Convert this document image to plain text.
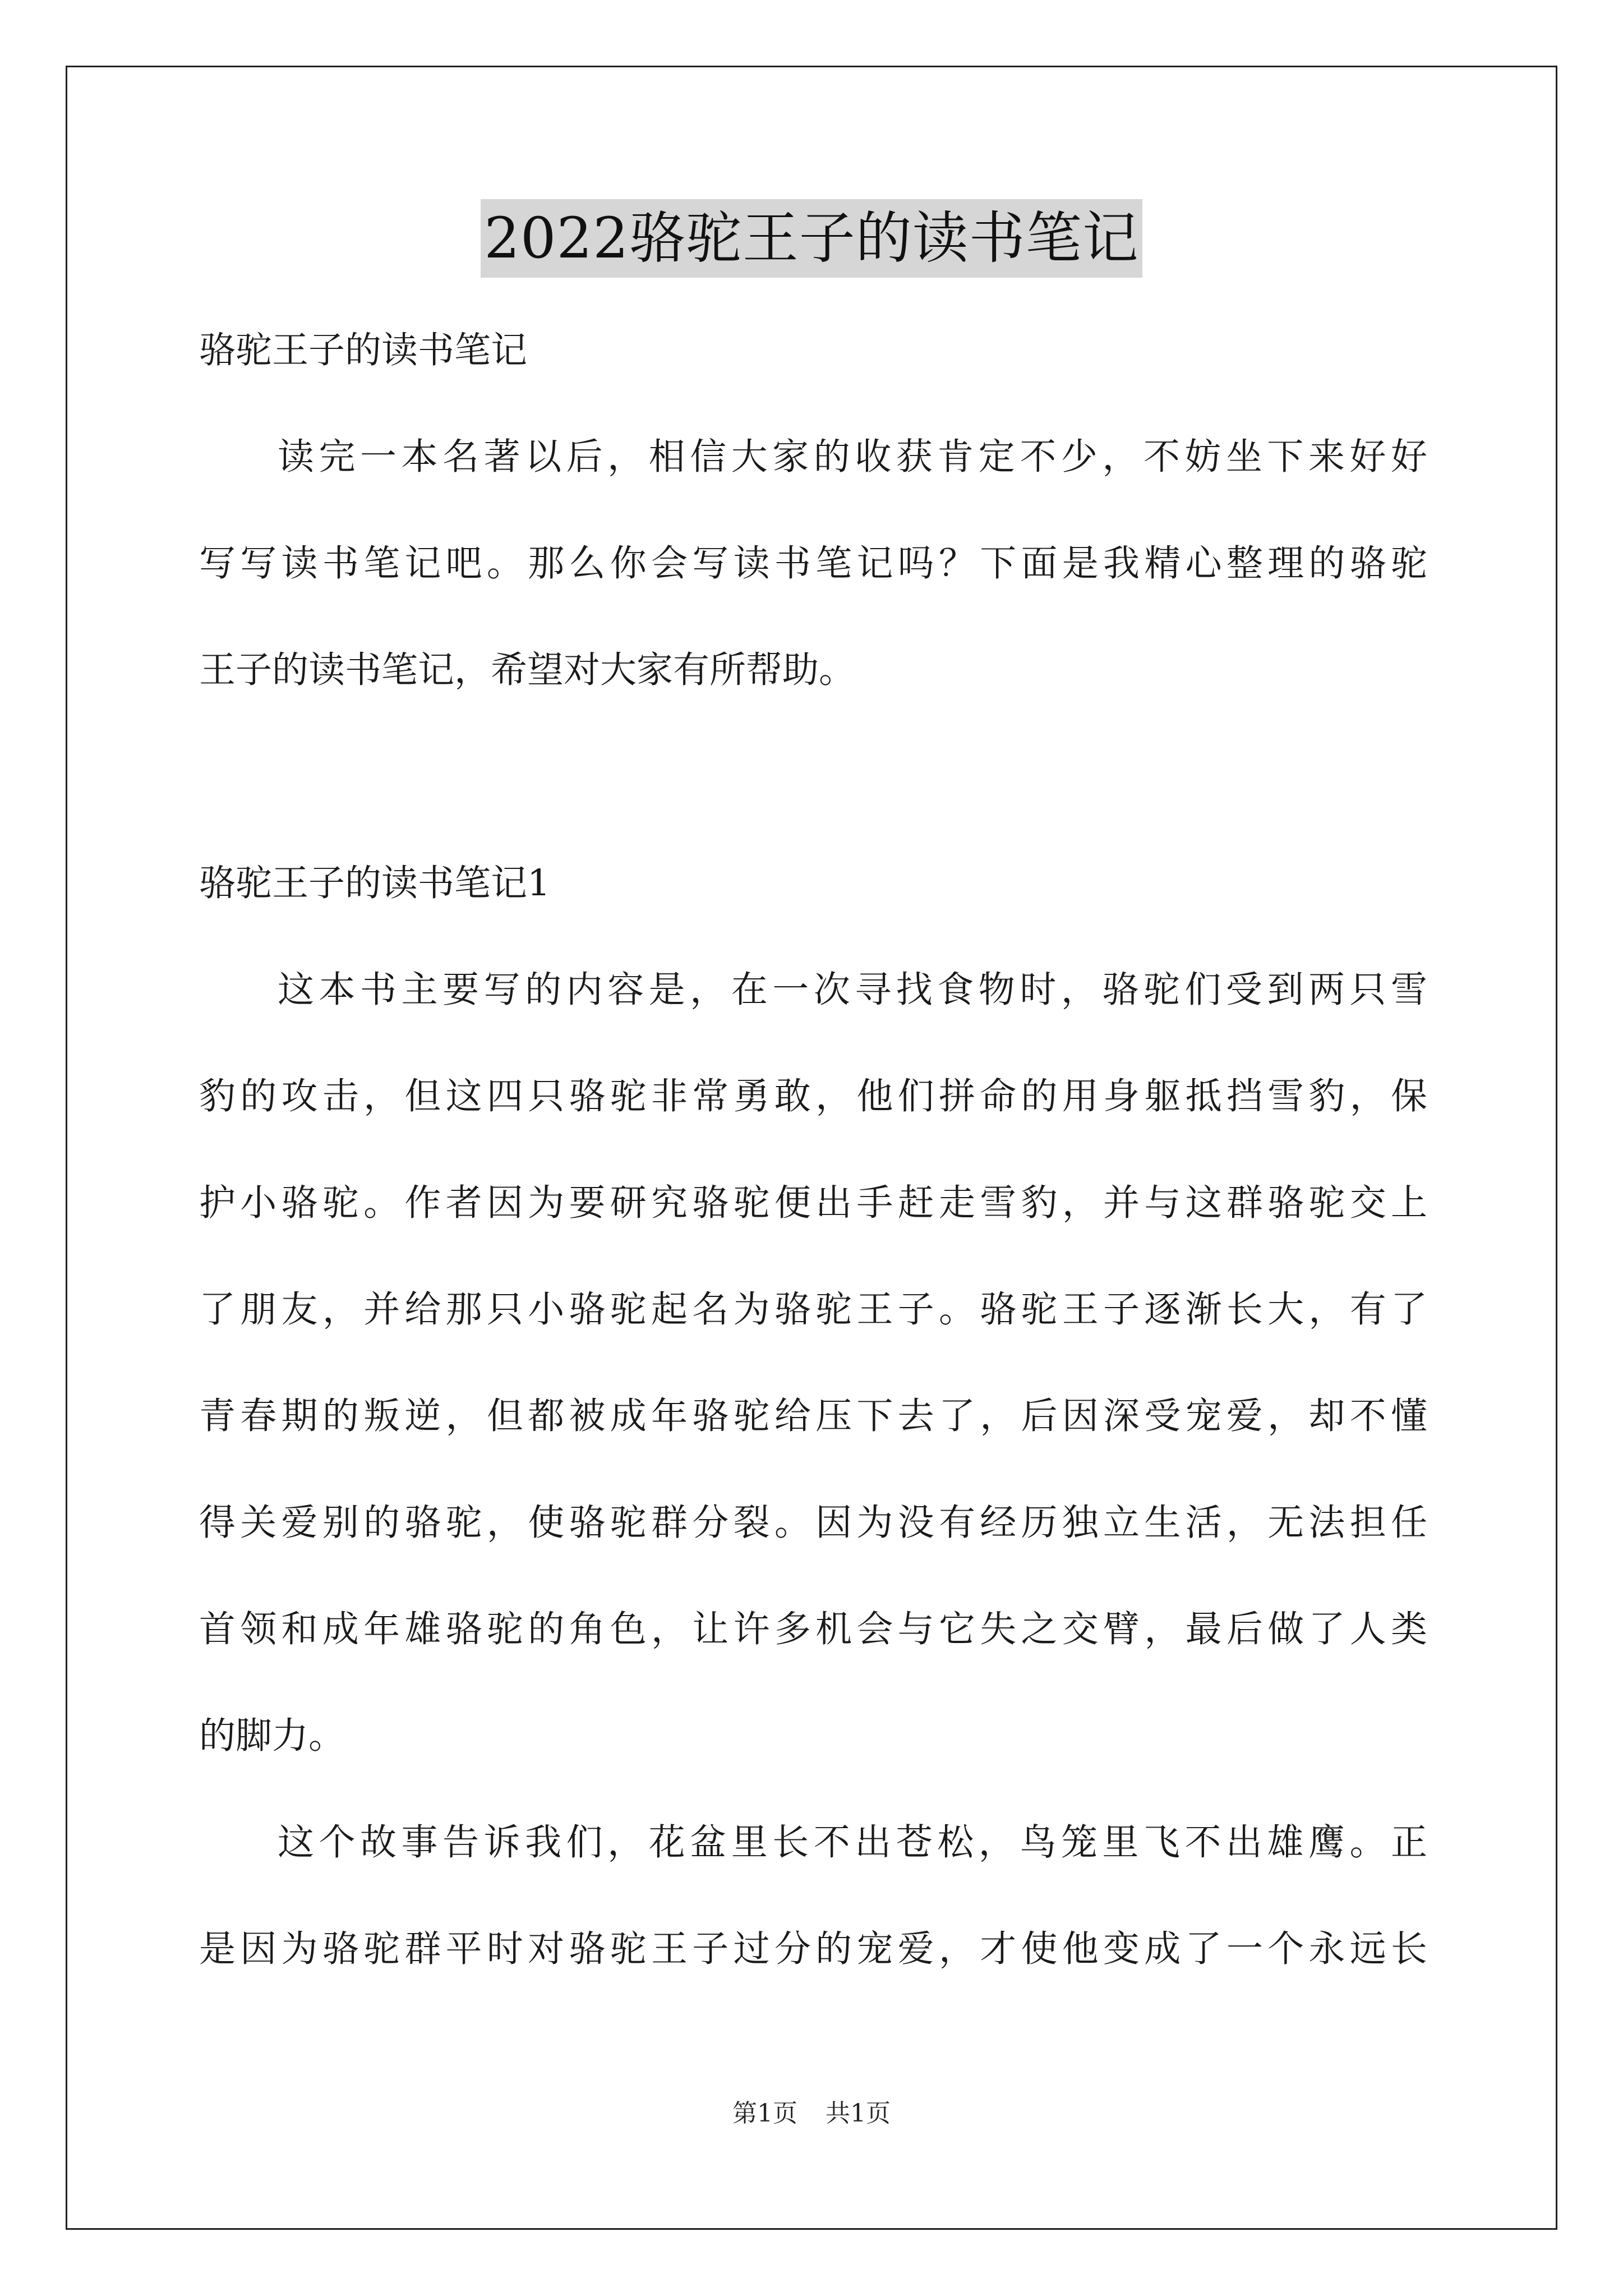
2022骆驼王子的读书笔记
骆驼王子的读书笔记
读完一本名著以后，相信大家的收获肯定不少，不妨坐下来好好
写写读书笔记吧。那么你会写读书笔记吗？下面是我精心整理的骆驼
王子的读书笔记，希望对大家有所帮助。
骆驼王子的读书笔记1
这本书主要写的内容是，在一次寻找食物时，骆驼们受到两只雪
豹的攻击，但这四只骆驼非常勇敢，他们拼命的用身躯抵挡雪豹，保
护小骆驼。作者因为要研究骆驼便出手赶走雪豹，并与这群骆驼交上
了朋友，并给那只小骆驼起名为骆驼王子。骆驼王子逐渐长大，有了
青春期的叛逆，但都被成年骆驼给压下去了，后因深受宠爱，却不懂
得关爱别的骆驼，使骆驼群分裂。因为没有经历独立生活，无法担任
首领和成年雄骆驼的角色，让许多机会与它失之交臂，最后做了人类
的脚力。
这个故事告诉我们，花盆里长不出苍松，鸟笼里飞不出雄鹰。正
是因为骆驼群平时对骆驼王子过分的宠爱，才使他变成了一个永远长
第1页 共1页
